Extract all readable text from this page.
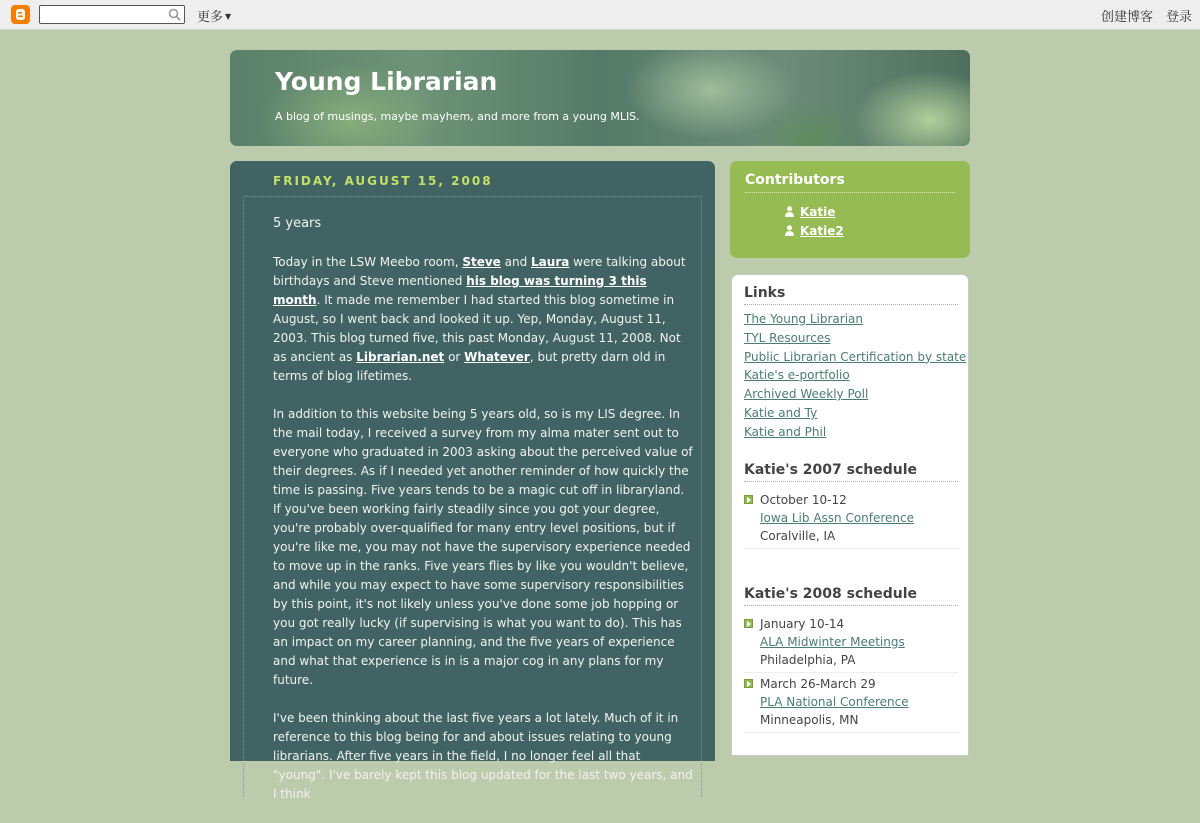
更多 ▼	创建博客 登录
Young Librarian

A blog of musings, maybe mayhem, and more from a young MLIS.

FRIDAY, AUGUST 15, 2008
5 years

Today in the LSW Meebo room, Steve and Laura were talking about birthdays and Steve mentioned his blog was turning 3 this month. It made me remember I had started this blog sometime in August, so I went back and looked it up. Yep, Monday, August 11, 2003. This blog turned five, this past Monday, August 11, 2008. Not as ancient as Librarian.net or Whatever, but pretty darn old in terms of blog lifetimes.

In addition to this website being 5 years old, so is my LIS degree. In the mail today, I received a survey from my alma mater sent out to everyone who graduated in 2003 asking about the perceived value of their degrees. As if I needed yet another reminder of how quickly the time is passing. Five years tends to be a magic cut off in libraryland. If you've been working fairly steadily since you got your degree, you're probably over-qualified for many entry level positions, but if you're like me, you may not have the supervisory experience needed to move up in the ranks. Five years flies by like you wouldn't believe, and while you may expect to have some supervisory responsibilities by this point, it's not likely unless you've done some job hopping or you got really lucky (if supervising is what you want to do). This has an impact on my career planning, and the five years of experience and what that experience is in is a major cog in any plans for my future.

I've been thinking about the last five years a lot lately. Much of it in reference to this blog being for and about issues relating to young librarians. After five years in the field, I no longer feel all that "young". I've barely kept this blog updated for the last two years, and I think

Contributors
Katie
Katie2
Links
The Young Librarian
TYL Resources
Public Librarian Certification by state
Katie's e-portfolio
Archived Weekly Poll
Katie and Ty
Katie and Phil
Katie's 2007 schedule
October 10-12
Iowa Lib Assn Conference
Coralville, IA
Katie's 2008 schedule
January 10-14
ALA Midwinter Meetings
Philadelphia, PA
March 26-March 29
PLA National Conference
Minneapolis, MN
